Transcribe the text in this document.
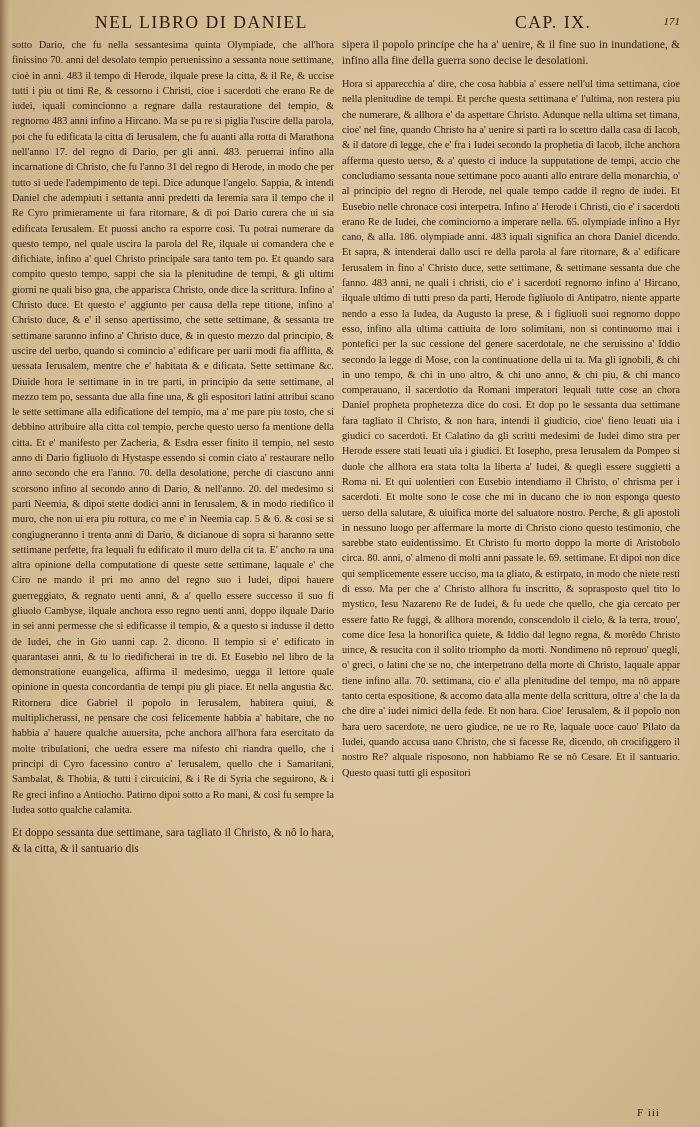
NEL LIBRO DI DANIEL	CAP. IX.	171

sotto Dario, che fu nella sessantesima quinta Olympiade, che all'hora finissino 70. anni del desolato tempio peruenissino a sessanta noue settimane, cioè in anni. 483 il tempo di Herode, ilquale prese la citta, & il Re, & uccise tutti i piu ot timi Re, & cessorno i Christi, cioe i sacerdoti che erano Re de iudei, iquali comincionno a regnare dalla restauratione del tempio, & regnorno 483 anni infino a Hircano. Ma se pu re si piglia l'uscire della parola, poi che fu edificata la citta di Ierusalem, che fu auanti alla rotta di Marathona nell'anno 17. del regno di Dario, per gli anni. 483. peruerrai infino alla incarnatione di Christo, che fu l'anno 31 del regno di Herode, in modo che per tutto si uede l'adempimento de tepi. Dice adunque l'angelo. Sappia, & intendi Daniel che adempiuti i settanta anni predetti da Ieremia sara il tempo che il Re Cyro primieramente ui fara ritornare, & di poi Dario curera che ui sia edificata Ierusalem. Et puossi ancho ra esporre cosi. Tu potrai numerare da questo tempo, nel quale uscira la parola del Re, ilquale ui comandera che e difichiate, infino a' quel Christo principale sara tanto tem po. Et quando sara compito questo tempo, sappi che sia la plenitudine de tempi, & gli ultimi giorni ne quali biso gna, che apparisca Christo, onde dice la scrittura. Infino a' Christo duce. Et questo e' aggiunto per causa della repe titione, infino a' Christo duce, & e' il senso apertissimo, che sette settimane, & sessanta tre settimane saranno infino a' Christo duce, & in questo mezzo dal principio, & uscire del uerbo, quando si comincio a' edificare per uarii modi fia afflitta, & uessata Ierusalem, mentre che e' habitata & e dificata. Sette settimane &c. Diuide hora le settimane in in tre parti, in principio da sette settimane, al mezzo tem po, sessanta due alla fine una, & gli espositori latini attribui scano le sette settimane alla edificatione del tempio, ma a' me pare piu tosto, che si debbino attribuire alla citta col tempio, perche questo uerso fa mentione della citta. Et e' manifesto per Zacheria, & Esdra esser finito il tempio, nel sesto anno di Dario figliuolo di Hystaspe essendo si comin ciato a' restaurare nello anno secondo che era l'anno. 70. della desolatione, perche di ciascuno anni scorsono infino al secondo anno di Dario, & nell'anno. 20. del medesimo si parti Neemia, & dipoi stette dodici anni in Ierusalem, & in modo riedifico il muro, che non ui era piu rottura, co me e' in Neemia cap. 5 & 6. & cosi se si congiugneranno i trenta anni di Dario, & dicianoue di sopra si haranno sette settimane perfette, fra lequali fu edificato il muro della cit ta. E' ancho ra una altra opinione della computatione di queste sette settimane, laquale e' che Ciro ne mando il pri mo anno del regno suo i Iudei, dipoi hauere guerreggiato, & regnato uenti anni, & a' quello essere successo il suo fi gliuolo Cambyse, ilquale anchora esso regno uenti anni, doppo ilquale Dario in sei anni permesse che si edificasse il tempio, & a questo si indusse il detto de Iudei, che in Gio uanni cap. 2. dicono. Il tempio si e' edificato in quarantasei anni, & tu lo riedificherai in tre di. Et Eusebio nel libro de la demonstratione euangelica, affirma il medesimo, uegga il lettore quale opinione in questa concordantia de tempi piu gli piace. Et nella angustia &c. Ritornera dice Gabriel il popolo in Ierusalem, habitera quiui, & multiplicherassi, ne pensare che cosi felicemente habbia a' habitare, che no habbia a' hauere qualche auuersita, pche anchora all'hora fara esercitato da molte tribulationi, che uedra essere ma nifesto chi riandra quello, che i principi di Cyro facessino contro a' Ierusalem, quello che i Samaritani, Sambalat, & Thobia, & tutti i circuicini, & i Re di Syria che seguirono, & i Re greci infino a Antiocho. Patirno dipoi sotto a Ro mani, & cosi fu sempre la Iudea sotto qualche calamita.

Et doppo sessanta due settimane, sara tagliato il Christo, & nô lo hara, & la citta, & il santuario dis

sipera il popolo principe che ha a' uenire, & il fine suo in inundatione, & infino alla fine della guerra sono decise le desolationi.

Hora si apparecchia a' dire, che cosa habbia a' essere nell'ul tima settimana, cioe nella plenitudine de tempi. Et perche questa settimana e' l'ultima, non restera piu che numerare, & allhora e' da aspettare Christo. Adunque nella ultima set timana, cioe' nel fine, quando Christo ha a' uenire si parti ra lo scettro dalla casa di Iacob, & il datore di legge, che e' fra i Iudei secondo la prophetia di Iacob, ilche anchora afferma questo uerso, & a' questo ci induce la supputatione de tempi, accio che concludiamo sessanta noue settimane poco auanti allo entrare della monarchia, o' al principio del regno di Herode, nel quale tempo cadde il regno de iudei. Et Eusebio nelle chronace cosi interpetra. Infino a' Herode i Christi, cio e' i sacerdoti erano Re de Iudei, che cominciorno a imperare nella. 65. olympiade infino a Hyr cano, & alla. 186. olympiade anni. 483 iquali significa an chora Daniel dicendo. Et sapra, & intenderai dallo usci re della parola al fare ritornare, & a' edificare Ierusalem in fino a' Christo duce, sette settimane, & settimane sessanta due che fanno. 483 anni, ne quali i christi, cio e' i sacerdoti regnorno infino a' Hircano, ilquale ultimo di tutti preso da parti, Herode figliuolo di Antipatro, niente apparte nendo a esso la Iudea, da Augusto la prese, & i figliuoli suoi regnorno doppo esso, infino alla ultima cattiuita de loro solimitani, non si continuorno mai i pontefici per la suc cessione del genere sacerdotale, ne che seruissino a' Iddio secondo la legge di Mose, con la continuatione della ui ta. Ma gli ignobili, & chi in uno tempo, & chi in uno altro, & chi uno anno, & chi piu, & chi manco comperauano, il sacerdotio da Romani imperatori lequali tutte cose an chora Daniel propheta prophetezza dice do cosi. Et dop po le sessanta dua settimane fara tagliato il Christo, & non hara, intendi il giudicio, cioe' fieno leuati uia i giudici co sacerdoti. Et Calatino da gli scritti medesimi de Iudei dimo stra per Herode essere stati leuati uia i giudici. Et Iosepho, presa Ierusalem da Pompeo si duole che allhora era stata tolta la liberta a' Iudei, & quegli essere suggietti a Roma ni. Et qui uolentieri con Eusebio intendiamo il Christo, o' chrisma per i sacerdoti. Et molte sono le cose che mi in ducano che io non esponga questo uerso della salutare, & uiuifica morte del saluatore nostro. Perche, & gli apostoli in nessuno luogo per affermare la morte di Christo ciono questo testimonio, che sarebbe stato euidentissimo. Et Christo fu morto doppo la morte di Aristobolo circa. 80. anni, o' almeno di molti anni passate le. 69. settimane. Et dipoi non dice qui semplicemente essere ucciso, ma ta gliato, & estirpato, in modo che niete resti di esso. Ma per che a' Christo allhora fu inscritto, & soprasposto quel tito lo mystico, Iesu Nazareno Re de Iudei, & fu uede che quello, che gia cercato per essere fatto Re fuggi, & allhora morendo, conscendolo il cielo, & la terra, trouo', come dice Iesa la honorifica quiete, & Iddio dal legno regna, & morêdo Christo uince, & resucita con il solito triompho da morti. Nondimeno nô reprouo' quegli, o' greci, o latini che se no, che interpetrano della morte di Christo, laquale appar tiene infino alla. 70. settimana, cio e' alla plenitudine del tempo, ma nô appare tanto certa espositione, & accomo data alla mente della scrittura, oltre a' che la da che dire a' iudei nimici della fede. Et non hara. Cioe' Ierusalem, & il popolo non hara uero sacerdote, ne uero giudice, ne ue ro Re, laquale uoce cauo' Pilato da Iudei, quando accusa uano Christo, che si facesse Re, dicendo, oh crocifiggero il nostro Re? alquale risposono, non habbiamo Re se nô Cesare. Et il santuario. Questo quasi tutti gli espositori

F iii
